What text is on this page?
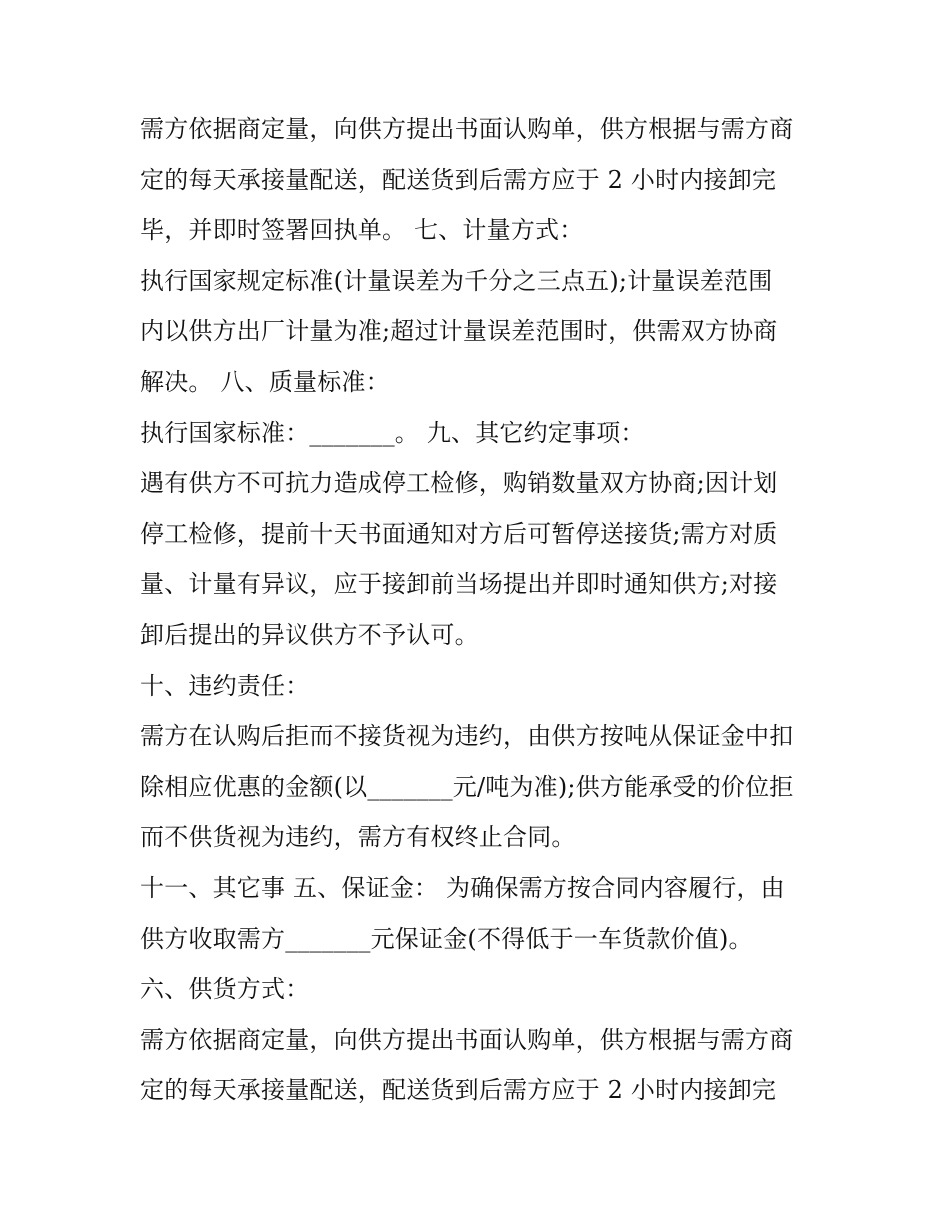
需方依据商定量，向供方提出书面认购单，供方根据与需方商
定的每天承接量配送，配送货到后需方应于 2 小时内接卸完
毕，并即时签署回执单。 七、计量方式：
执行国家规定标准(计量误差为千分之三点五);计量误差范围
内以供方出厂计量为准;超过计量误差范围时，供需双方协商
解决。 八、质量标准：
执行国家标准：_______。 九、其它约定事项：
遇有供方不可抗力造成停工检修，购销数量双方协商;因计划
停工检修，提前十天书面通知对方后可暂停送接货;需方对质
量、计量有异议，应于接卸前当场提出并即时通知供方;对接
卸后提出的异议供方不予认可。
十、违约责任：
需方在认购后拒而不接货视为违约，由供方按吨从保证金中扣
除相应优惠的金额(以_______元/吨为准);供方能承受的价位拒
而不供货视为违约，需方有权终止合同。
十一、其它事 五、保证金： 为确保需方按合同内容履行，由
供方收取需方_______元保证金(不得低于一车货款价值)。
六、供货方式：
需方依据商定量，向供方提出书面认购单，供方根据与需方商
定的每天承接量配送，配送货到后需方应于 2 小时内接卸完
